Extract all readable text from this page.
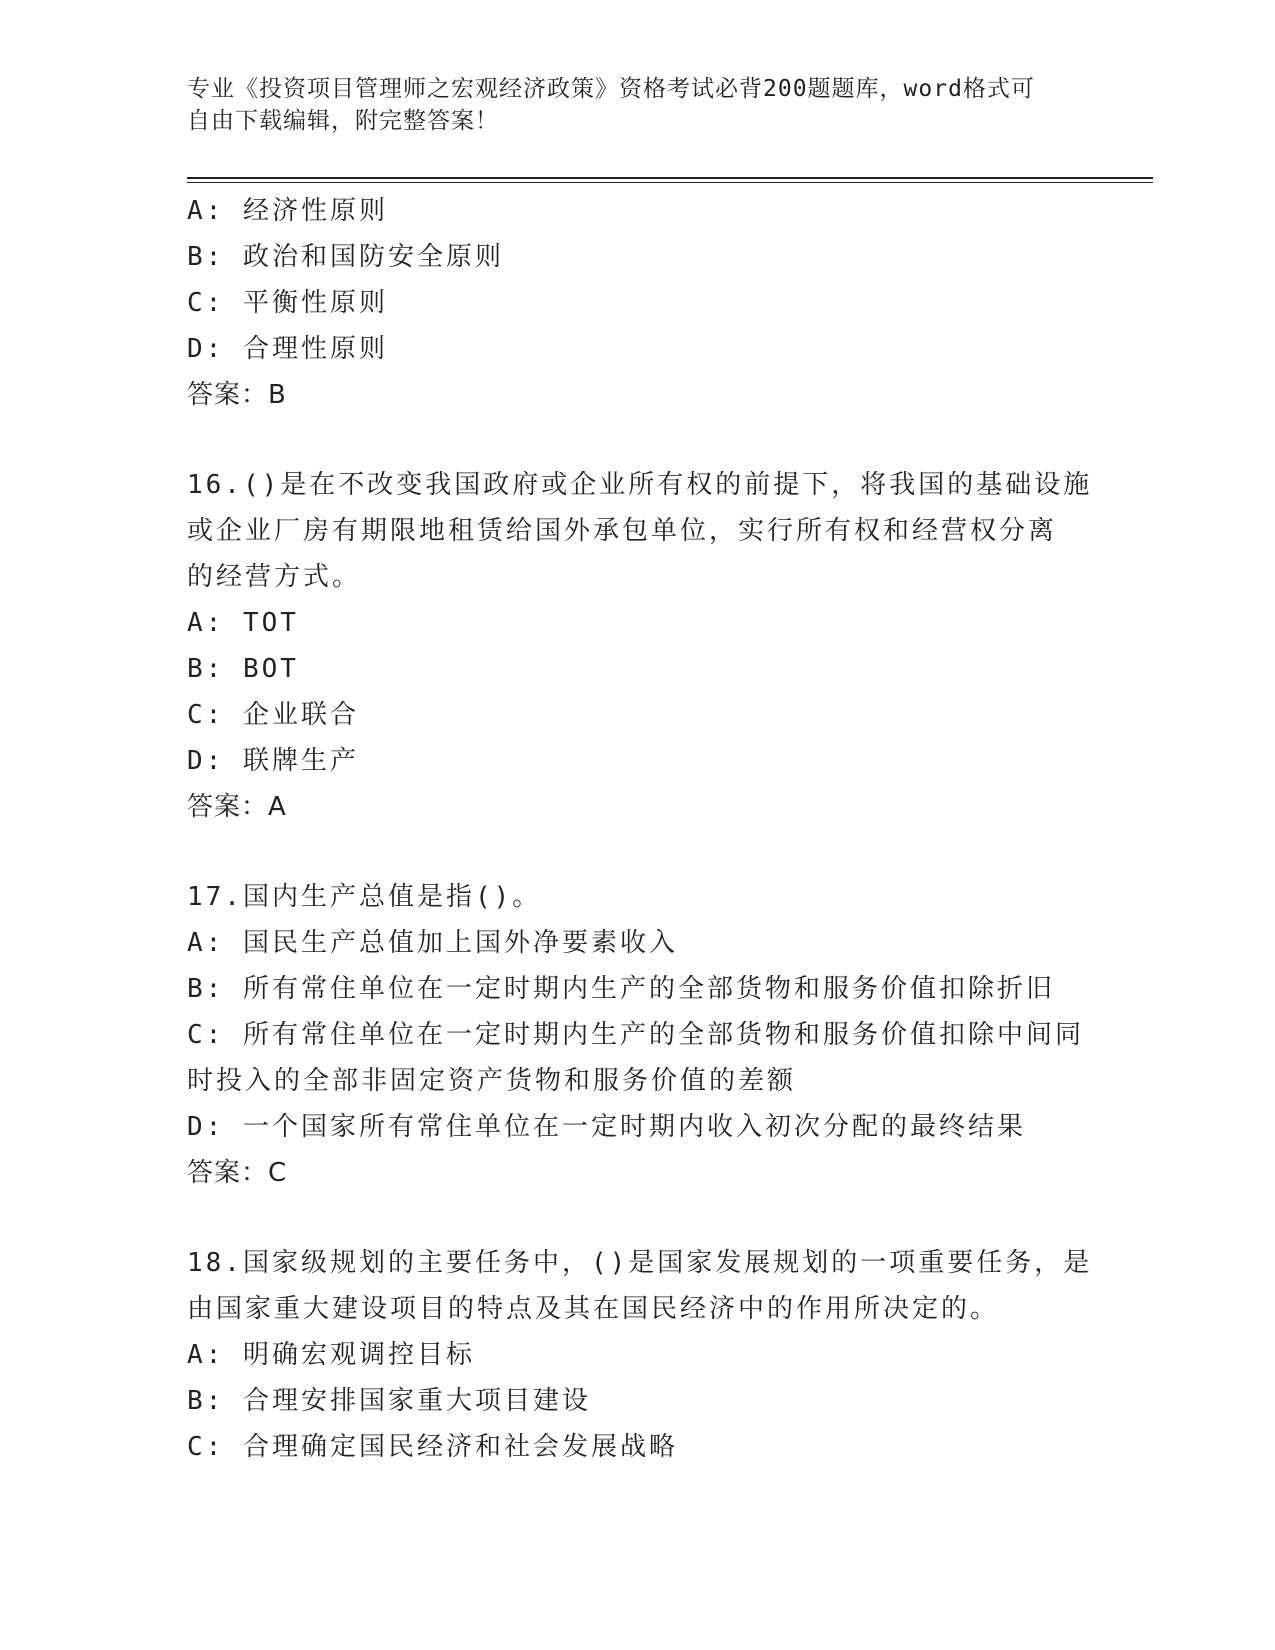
专业《投资项目管理师之宏观经济政策》资格考试必背200题题库，word格式可
自由下载编辑，附完整答案！
A: 经济性原则
B: 政治和国防安全原则
C: 平衡性原则
D: 合理性原则
答案：B
16.()是在不改变我国政府或企业所有权的前提下，将我国的基础设施
或企业厂房有期限地租赁给国外承包单位，实行所有权和经营权分离
的经营方式。
A: TOT
B: BOT
C: 企业联合
D: 联牌生产
答案：A
17.国内生产总值是指()。
A: 国民生产总值加上国外净要素收入
B: 所有常住单位在一定时期内生产的全部货物和服务价值扣除折旧
C: 所有常住单位在一定时期内生产的全部货物和服务价值扣除中间同
时投入的全部非固定资产货物和服务价值的差额
D: 一个国家所有常住单位在一定时期内收入初次分配的最终结果
答案：C
18.国家级规划的主要任务中，()是国家发展规划的一项重要任务，是
由国家重大建设项目的特点及其在国民经济中的作用所决定的。
A: 明确宏观调控目标
B: 合理安排国家重大项目建设
C: 合理确定国民经济和社会发展战略
